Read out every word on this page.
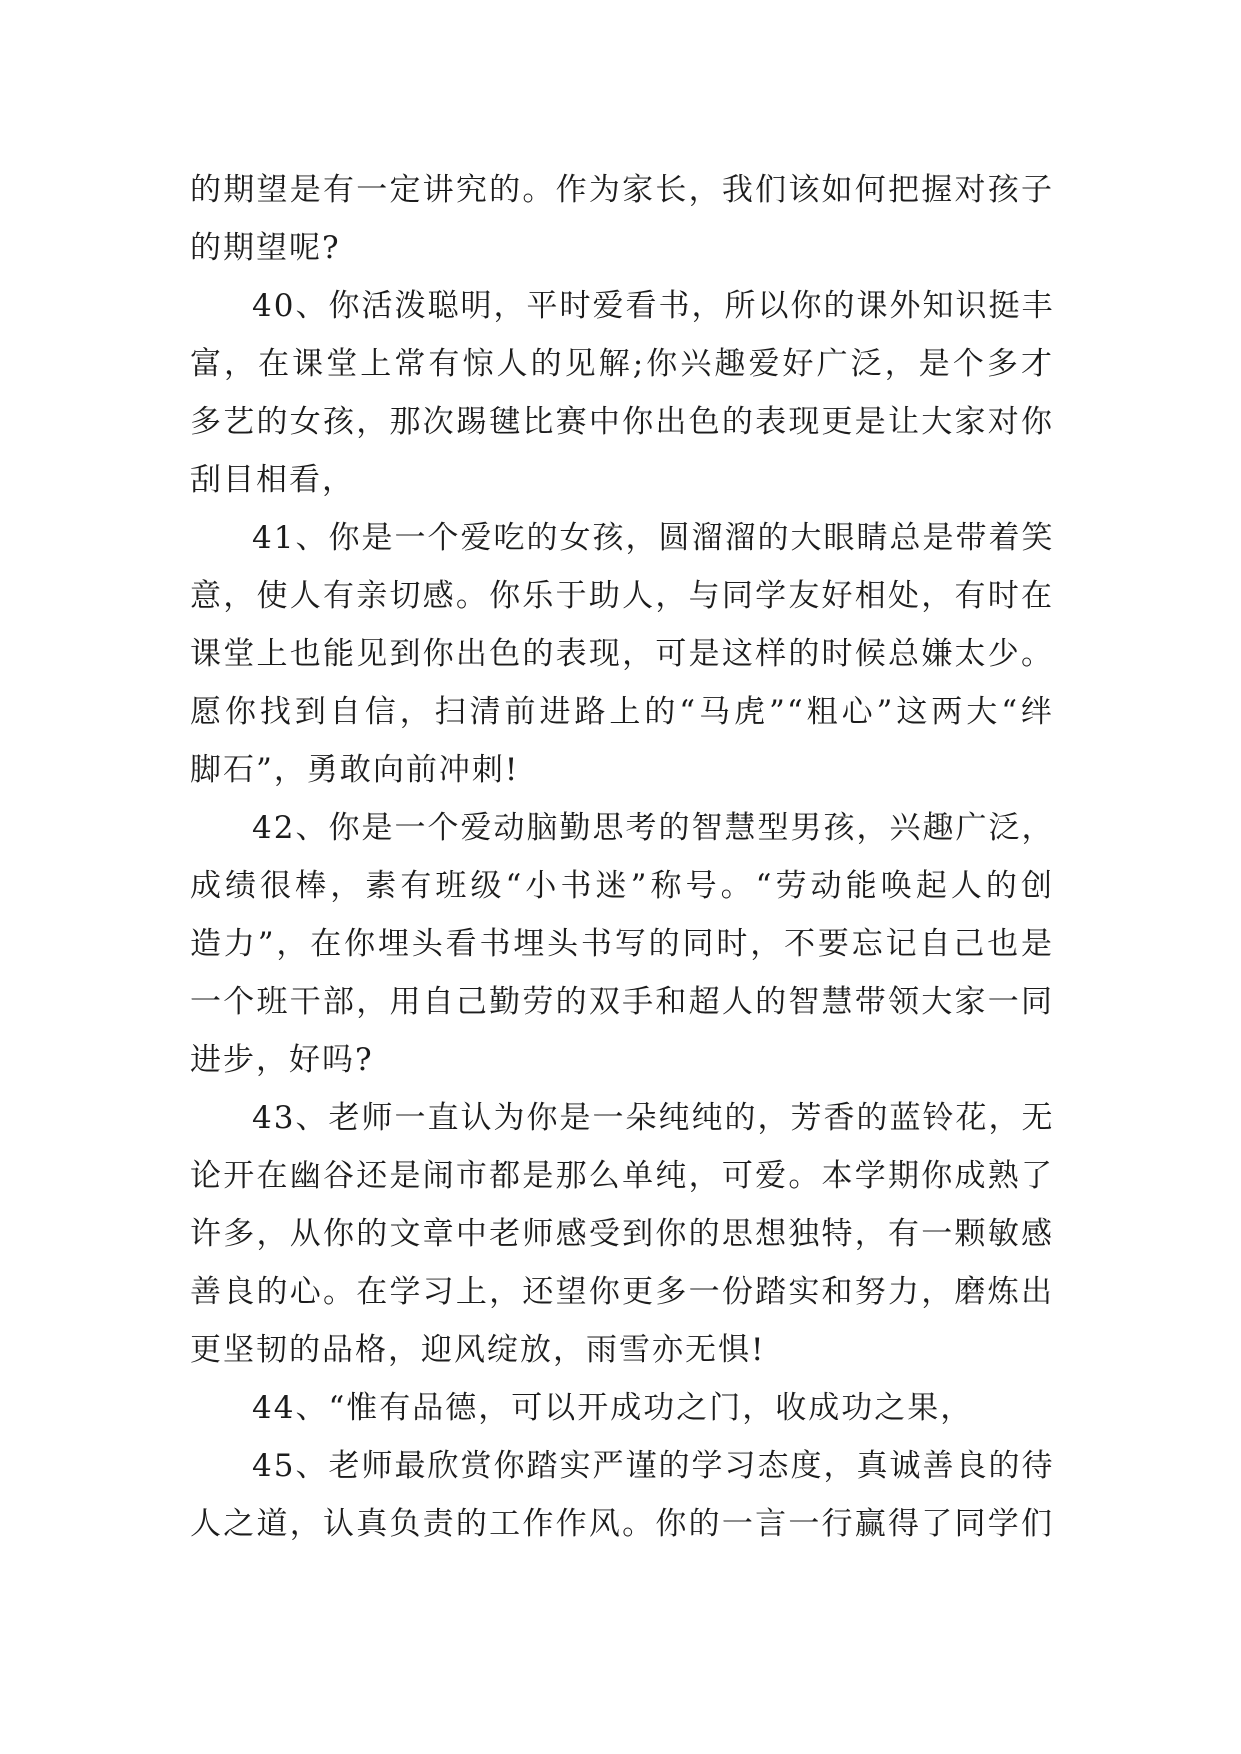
的期望是有一定讲究的。作为家长，我们该如何把握对孩子
的期望呢?
40、你活泼聪明，平时爱看书，所以你的课外知识挺丰
富，在课堂上常有惊人的见解;你兴趣爱好广泛，是个多才
多艺的女孩，那次踢毽比赛中你出色的表现更是让大家对你
刮目相看，
41、你是一个爱吃的女孩，圆溜溜的大眼睛总是带着笑
意，使人有亲切感。你乐于助人，与同学友好相处，有时在
课堂上也能见到你出色的表现，可是这样的时候总嫌太少。
愿你找到自信，扫清前进路上的“马虎”“粗心”这两大“绊
脚石”，勇敢向前冲刺!
42、你是一个爱动脑勤思考的智慧型男孩，兴趣广泛，
成绩很棒，素有班级“小书迷”称号。“劳动能唤起人的创
造力”，在你埋头看书埋头书写的同时，不要忘记自己也是
一个班干部，用自己勤劳的双手和超人的智慧带领大家一同
进步，好吗?
43、老师一直认为你是一朵纯纯的，芳香的蓝铃花，无
论开在幽谷还是闹市都是那么单纯，可爱。本学期你成熟了
许多，从你的文章中老师感受到你的思想独特，有一颗敏感
善良的心。在学习上，还望你更多一份踏实和努力，磨炼出
更坚韧的品格，迎风绽放，雨雪亦无惧!
44、“惟有品德，可以开成功之门，收成功之果，
45、老师最欣赏你踏实严谨的学习态度，真诚善良的待
人之道，认真负责的工作作风。你的一言一行赢得了同学们
